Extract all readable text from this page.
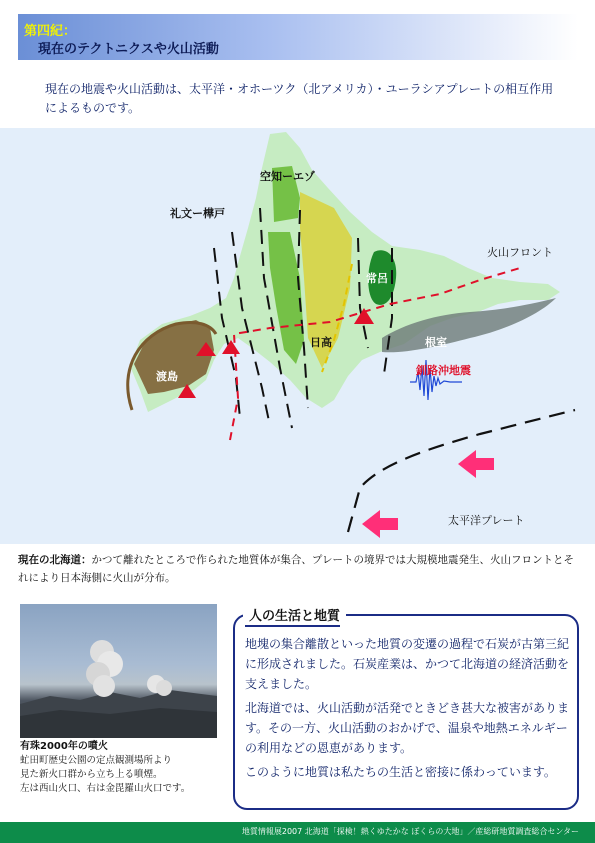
第四紀：
現在のテクトニクスや火山活動
現在の地震や火山活動は、太平洋・オホーツク（北アメリカ）・ユーラシアプレートの相互作用によるものです。
空知ーエゾ
礼文ー樺戸
火山フロント
常呂
日高	根室
釧路沖地震
渡島
太平洋プレート
現在の北海道：かつて離れたところで作られた地質体が集合、プレートの境界では大規模地震発生、火山フロントとそれにより日本海側に火山が分布。
有珠2000年の噴火
虻田町歴史公園の定点観測場所より
見た新火口群から立ち上る噴煙。
左は西山火口、右は金毘羅山火口です。
人の生活と地質

地塊の集合離散といった地質の変遷の過程で石炭が古第三紀に形成されました。石炭産業は、かつて北海道の経済活動を支えました。

北海道では、火山活動が活発でときどき甚大な被害があります。その一方、火山活動のおかげで、温泉や地熱エネルギーの利用などの恩恵があります。

このように地質は私たちの生活と密接に係わっています。

地質情報展2007 北海道「探検！熱くゆたかな ぼくらの大地」／産総研地質調査総合センター
